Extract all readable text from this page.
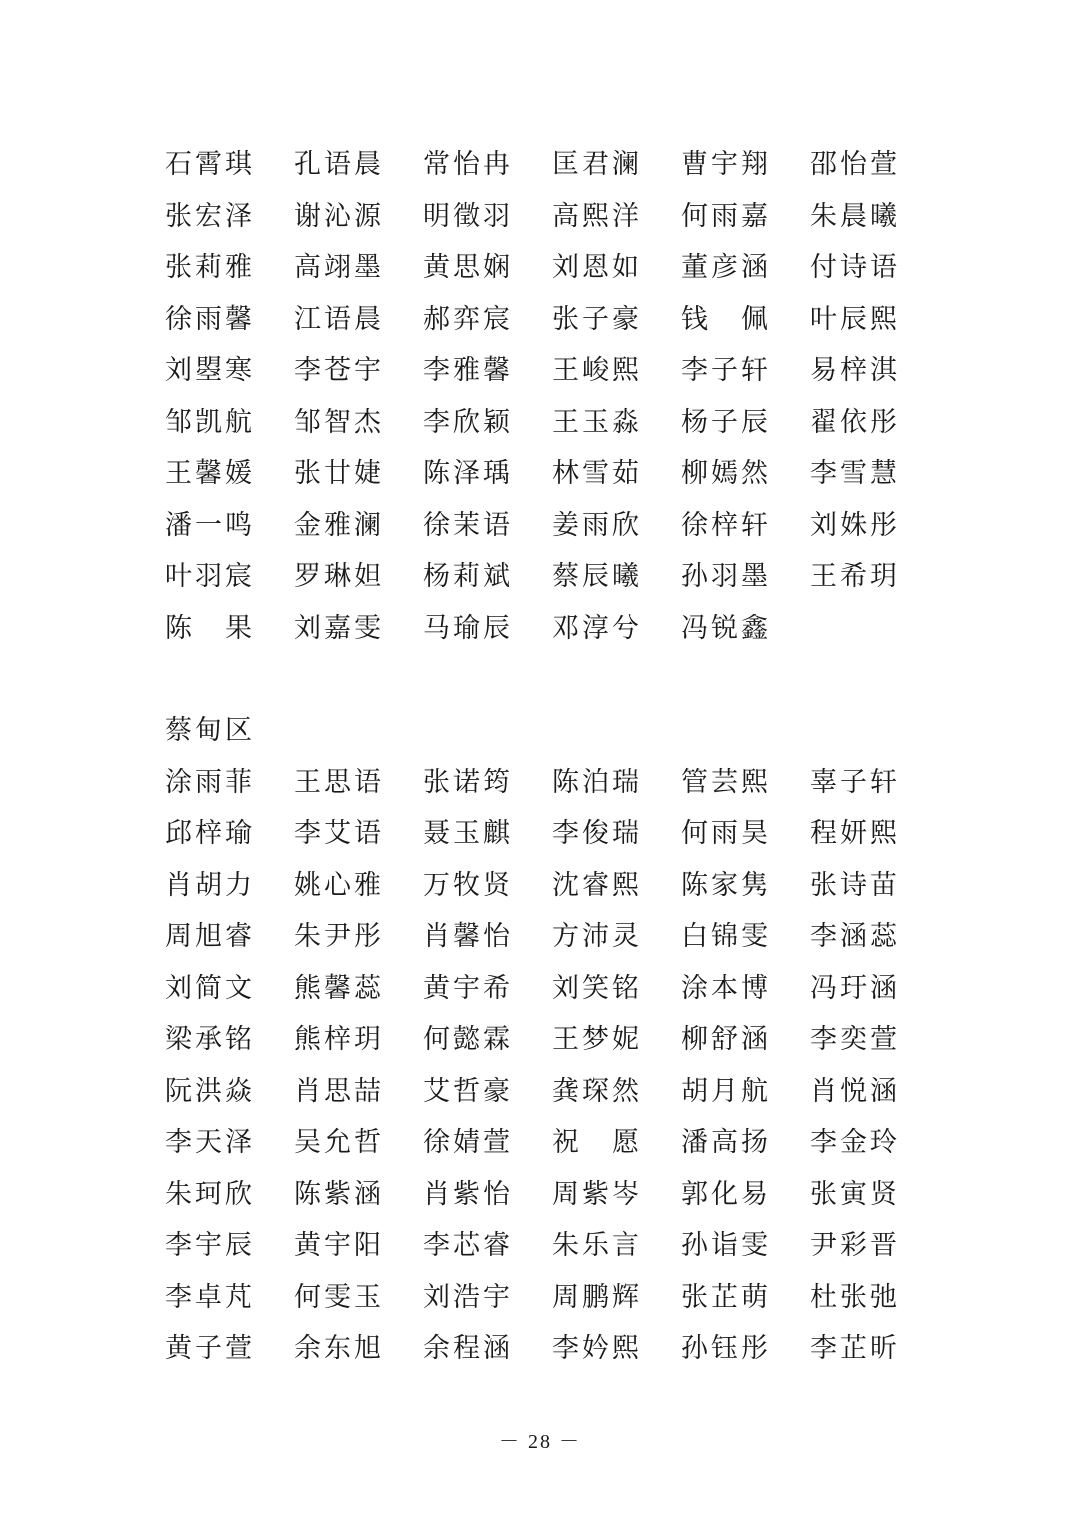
石霄琪	孔语晨	常怡冉	匡君澜	曹宇翔	邵怡萱
张宏泽	谢沁源	明徵羽	高熙洋	何雨嘉	朱晨曦
张莉雅	高翊墨	黄思娴	刘恩如	董彦涵	付诗语
徐雨馨	江语晨	郝弈宸	张子豪	钱　佩	叶辰熙
刘曌寒	李苍宇	李雅馨	王峻熙	李子轩	易梓淇
邹凯航	邹智杰	李欣颖	王玉淼	杨子辰	翟依彤
王馨媛	张廿婕	陈泽瑀	林雪茹	柳嫣然	李雪慧
潘一鸣	金雅澜	徐茉语	姜雨欣	徐梓轩	刘姝彤
叶羽宸	罗琳妲	杨莉斌	蔡辰曦	孙羽墨	王希玥
陈　果	刘嘉雯	马瑜辰	邓淳兮	冯锐鑫
蔡甸区
涂雨菲	王思语	张诺筠	陈泊瑞	管芸熙	辜子轩
邱梓瑜	李艾语	聂玉麒	李俊瑞	何雨昊	程妍熙
肖胡力	姚心雅	万牧贤	沈睿熙	陈家隽	张诗苗
周旭睿	朱尹彤	肖馨怡	方沛灵	白锦雯	李涵蕊
刘简文	熊馨蕊	黄宇希	刘笑铭	涂本博	冯玗涵
梁承铭	熊梓玥	何懿霖	王梦妮	柳舒涵	李奕萱
阮洪焱	肖思喆	艾哲豪	龚琛然	胡月航	肖悦涵
李天泽	吴允哲	徐婧萱	祝　愿	潘高扬	李金玲
朱珂欣	陈紫涵	肖紫怡	周紫岑	郭化易	张寅贤
李宇辰	黄宇阳	李芯睿	朱乐言	孙诣雯	尹彩晋
李卓芃	何雯玉	刘浩宇	周鹏辉	张芷萌	杜张弛
黄子萱	余东旭	余程涵	李妗熙	孙钰彤	李芷昕
－ 28 －
